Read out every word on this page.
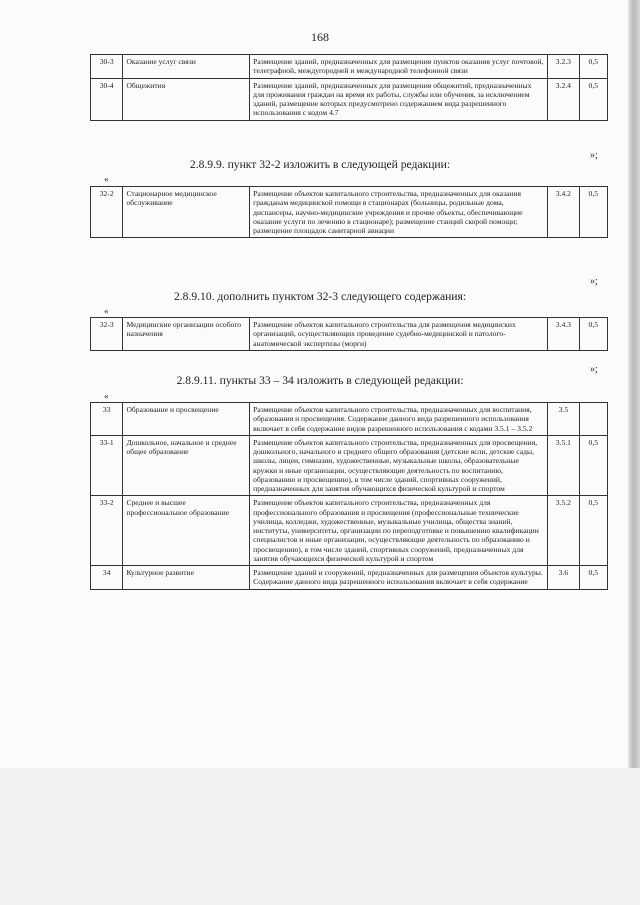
168
30-3	Оказание услуг связи	Размещение зданий, предназначенных для размещения пунктов оказания услуг почтовой, телеграфной, междугородней и международной телефонной связи	3.2.3	0,5
30-4	Общежития	Размещение зданий, предназначенных для размещения общежитий, предназначенных для проживания граждан на время их работы, службы или обучения, за исключением зданий, размещение которых предусмотрено содержанием вида разрешенного использования с кодом 4.7	3.2.4	0,5
»;
2.8.9.9. пункт 32-2 изложить в следующей редакции:
«
32-2	Стационарное медицинское обслуживание	Размещение объектов капитального строительства, предназначенных для оказания гражданам медицинской помощи в стационарах (больницы, родильные дома, диспансеры, научно-медицинские учреждения и прочие объекты, обеспечивающие оказание услуги по лечению в стационаре); размещение станций скорой помощи; размещение площадок санитарной авиации	3.4.2	0,5
»;
2.8.9.10. дополнить пунктом 32-3 следующего содержания:
«
32-3	Медицинские организации особого назначения	Размещение объектов капитального строительства для размещения медицинских организаций, осуществляющих проведение судебно-медицинской и патолого-анатомической экспертизы (морги)	3.4.3	0,5
»;
2.8.9.11. пункты 33 – 34 изложить в следующей редакции:
«
33	Образование и просвещение	Размещение объектов капитального строительства, предназначенных для воспитания, образования и просвещения. Содержание данного вида разрешенного использования включает в себя содержание видов разрешенного использования с кодами 3.5.1 – 3.5.2	3.5	
33-1	Дошкольное, начальное и среднее общее образование	Размещение объектов капитального строительства, предназначенных для просвещения, дошкольного, начального и среднего общего образования (детские ясли, детские сады, школы, лицеи, гимназии, художественные, музыкальные школы, образовательные кружки и иные организации, осуществляющие деятельность по воспитанию, образованию и просвещению), в том числе зданий, спортивных сооружений, предназначенных для занятия обучающихся физической культурой и спортом	3.5.1	0,5
33-2	Среднее и высшее профессиональное образование	Размещение объектов капитального строительства, предназначенных для профессионального образования и просвещения (профессиональные технические училища, колледжи, художественные, музыкальные училища, общества знаний, институты, университеты, организации по переподготовке и повышению квалификации специалистов и иные организации, осуществляющие деятельность по образованию и просвещению), в том числе зданий, спортивных сооружений, предназначенных для занятия обучающихся физической культурой и спортом	3.5.2	0,5
34	Культурное развитие	Размещение зданий и сооружений, предназначенных для размещения объектов культуры. Содержание данного вида разрешенного использования включает в себя содержание	3.6	0,5
